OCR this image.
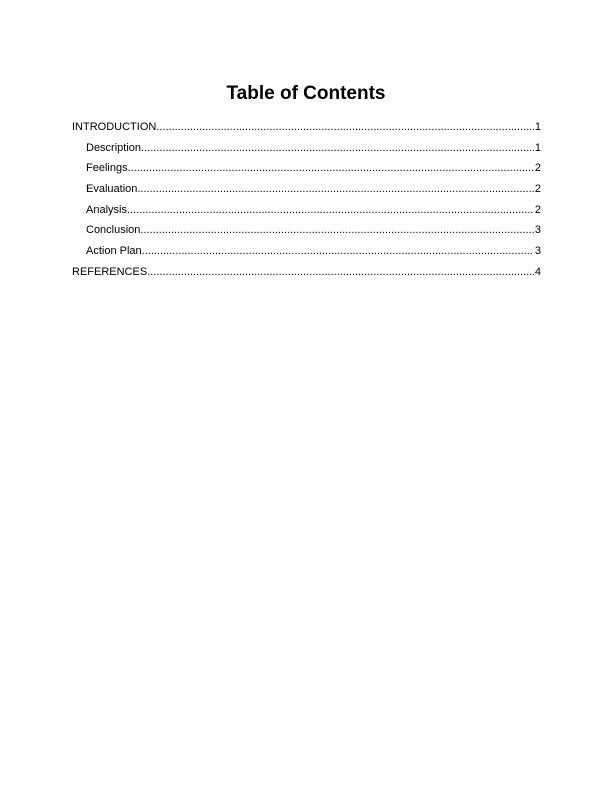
Table of Contents
INTRODUCTION .....	1
Description .....	1
Feelings .....	2
Evaluation .....	2
Analysis .....	2
Conclusion .....	3
Action Plan .....	3
REFERENCES .....	4
